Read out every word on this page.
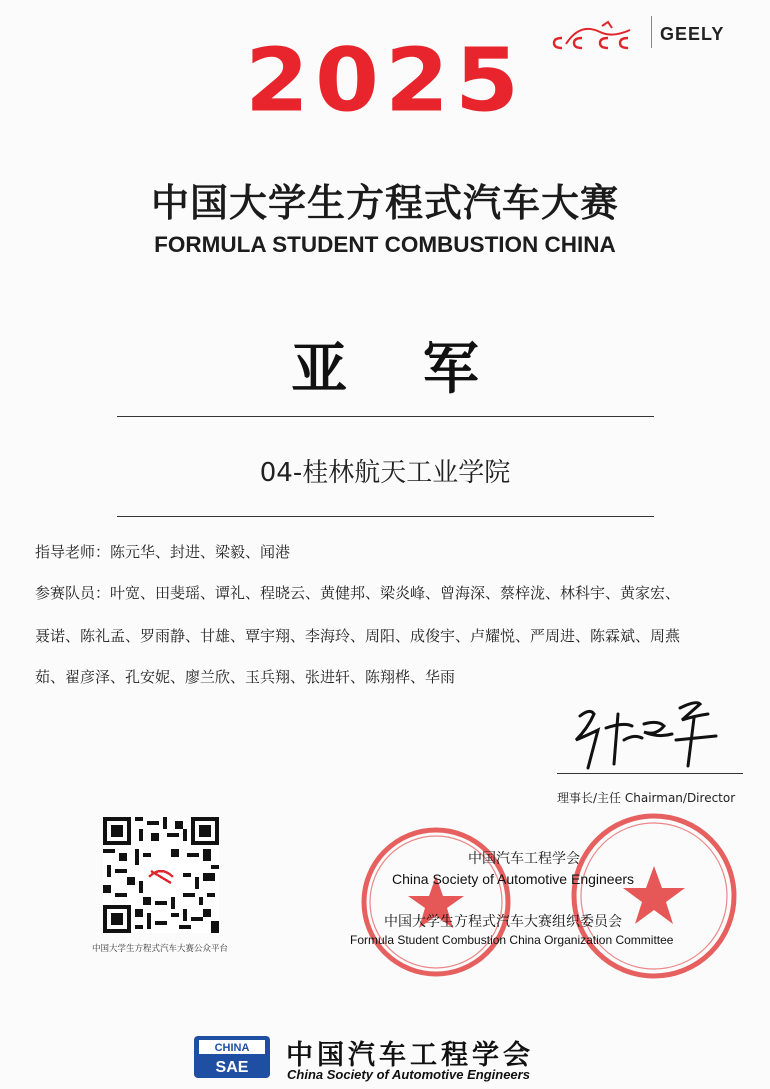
GEELY
2025
中国大学生方程式汽车大赛
FORMULA STUDENT COMBUSTION CHINA
亚 军
04-桂林航天工业学院
指导老师：陈元华、封进、梁毅、闻港
参赛队员：叶宽、田斐瑶、谭礼、程晓云、黄健邦、梁炎峰、曾海深、蔡梓泷、林科宇、黄家宏、
聂诺、陈礼孟、罗雨静、甘雄、覃宇翔、李海玲、周阳、成俊宇、卢耀悦、严周进、陈霖斌、周燕
茹、翟彦泽、孔安妮、廖兰欣、玉兵翔、张进轩、陈翔桦、华雨
理事长/主任 Chairman/Director
中国大学生方程式汽车大赛公众平台
中国汽车工程学会
China Society of Automotive Engineers
中国大学生方程式汽车大赛组织委员会
Formula Student Combustion China Organization Committee
CHINA
SAE 中国汽车工程学会
China Society of Automotive Engineers
